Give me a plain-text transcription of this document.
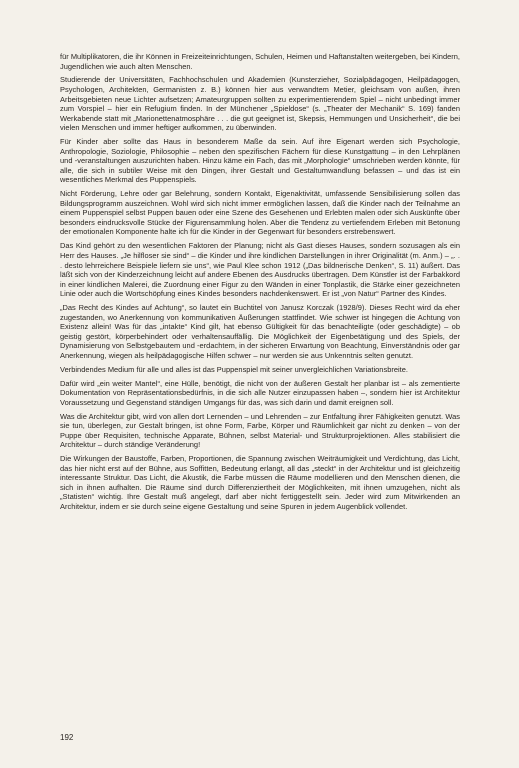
für Multiplikatoren, die ihr Können in Freizeiteinrichtungen, Schulen, Heimen und Haftanstalten weitergeben, bei Kindern, Jugendlichen wie auch alten Menschen.

Studierende der Universitäten, Fachhochschulen und Akademien (Kunsterzieher, Sozialpädagogen, Heilpädagogen, Psychologen, Architekten, Germanisten z. B.) können hier aus verwandtem Metier, gleichsam von außen, ihren Arbeitsgebieten neue Lichter aufsetzen; Amateurgruppen sollten zu experimentierendem Spiel – nicht unbedingt immer zum Vorspiel – hier ein Refugium finden. In der Münchener „Spieldose“ (s. „Theater der Mechanik“ S. 169) fanden Werkabende statt mit „Marionettenatmosphäre . . . die gut geeignet ist, Skepsis, Hemmungen und Unsicherheit“, die bei vielen Menschen und immer heftiger aufkommen, zu überwinden.

Für Kinder aber sollte das Haus in besonderem Maße da sein. Auf ihre Eigenart werden sich Psychologie, Anthropologie, Soziologie, Philosophie – neben den spezifischen Fächern für diese Kunstgattung – in den Lehrplänen und -veranstaltungen auszurichten haben. Hinzu käme ein Fach, das mit „Morphologie“ umschrieben werden könnte, für alle, die sich in subtiler Weise mit den Dingen, ihrer Gestalt und Gestaltumwandlung befassen – und das ist ein wesentliches Merkmal des Puppenspiels.

Nicht Förderung, Lehre oder gar Belehrung, sondern Kontakt, Eigenaktivität, umfassende Sensibilisierung sollen das Bildungsprogramm auszeichnen. Wohl wird sich nicht immer ermöglichen lassen, daß die Kinder nach der Teilnahme an einem Puppenspiel selbst Puppen bauen oder eine Szene des Gesehenen und Erlebten malen oder sich Auskünfte über besonders eindrucksvolle Stücke der Figurensammlung holen. Aber die Tendenz zu vertiefendem Erleben mit Betonung der emotionalen Komponente halte ich für die Kinder in der Gegenwart für besonders erstrebenswert.

Das Kind gehört zu den wesentlichen Faktoren der Planung; nicht als Gast dieses Hauses, sondern sozusagen als ein Herr des Hauses. „Je hilfloser sie sind“ – die Kinder und ihre kindlichen Darstellungen in ihrer Originalität (m. Anm.) – „. . . desto lehrreichere Beispiele liefern sie uns“, wie Paul Klee schon 1912 („Das bildnerische Denken“, S. 11) äußert. Das läßt sich von der Kinderzeichnung leicht auf andere Ebenen des Ausdrucks übertragen. Dem Künstler ist der Farbakkord in einer kindlichen Malerei, die Zuordnung einer Figur zu den Wänden in einer Tonplastik, die Stärke einer gezeichneten Linie oder auch die Wortschöpfung eines Kindes besonders nachdenkenswert. Er ist „von Natur“ Partner des Kindes.

„Das Recht des Kindes auf Achtung“, so lautet ein Buchtitel von Janusz Korczak (1928/9). Dieses Recht wird da eher zugestanden, wo Anerkennung von kommunikativen Äußerungen stattfindet. Wie schwer ist hingegen die Achtung von Existenz allein! Was für das „intakte“ Kind gilt, hat ebenso Gültigkeit für das benachteiligte (oder geschädigte) – ob geistig gestört, körperbehindert oder verhaltensauffällig. Die Möglichkeit der Eigenbetätigung und des Spiels, der Dynamisierung von Selbstgebautem und -erdachtem, in der sicheren Erwartung von Beachtung, Einverständnis oder gar Anerkennung, wiegen als heilpädagogische Hilfen schwer – nur werden sie aus Unkenntnis selten genutzt.

Verbindendes Medium für alle und alles ist das Puppenspiel mit seiner unvergleichlichen Variationsbreite.

Dafür wird „ein weiter Mantel“, eine Hülle, benötigt, die nicht von der äußeren Gestalt her planbar ist – als zementierte Dokumentation von Repräsentationsbedürfnis, in die sich alle Nutzer einzupassen haben –, sondern hier ist Architektur Voraussetzung und Gegenstand ständigen Umgangs für das, was sich darin und damit ereignen soll.

Was die Architektur gibt, wird von allen dort Lernenden – und Lehrenden – zur Entfaltung ihrer Fähigkeiten genutzt. Was sie tun, überlegen, zur Gestalt bringen, ist ohne Form, Farbe, Körper und Räumlichkeit gar nicht zu denken – von der Puppe über Requisiten, technische Apparate, Bühnen, selbst Material- und Strukturprojektionen. Alles stabilisiert die Architektur – durch ständige Veränderung!

Die Wirkungen der Baustoffe, Farben, Proportionen, die Spannung zwischen Weiträumigkeit und Verdichtung, das Licht, das hier nicht erst auf der Bühne, aus Soffitten, Bedeutung erlangt, all das „steckt“ in der Architektur und ist gleichzeitig interessante Struktur. Das Licht, die Akustik, die Farbe müssen die Räume modellieren und den Menschen dienen, die sich in ihnen aufhalten. Die Räume sind durch Differenziertheit der Möglichkeiten, mit ihnen umzugehen, nicht als „Statisten“ wichtig. Ihre Gestalt muß angelegt, darf aber nicht fertiggestellt sein. Jeder wird zum Mitwirkenden an Architektur, indem er sie durch seine eigene Gestaltung und seine Spuren in jedem Augenblick vollendet.

192
